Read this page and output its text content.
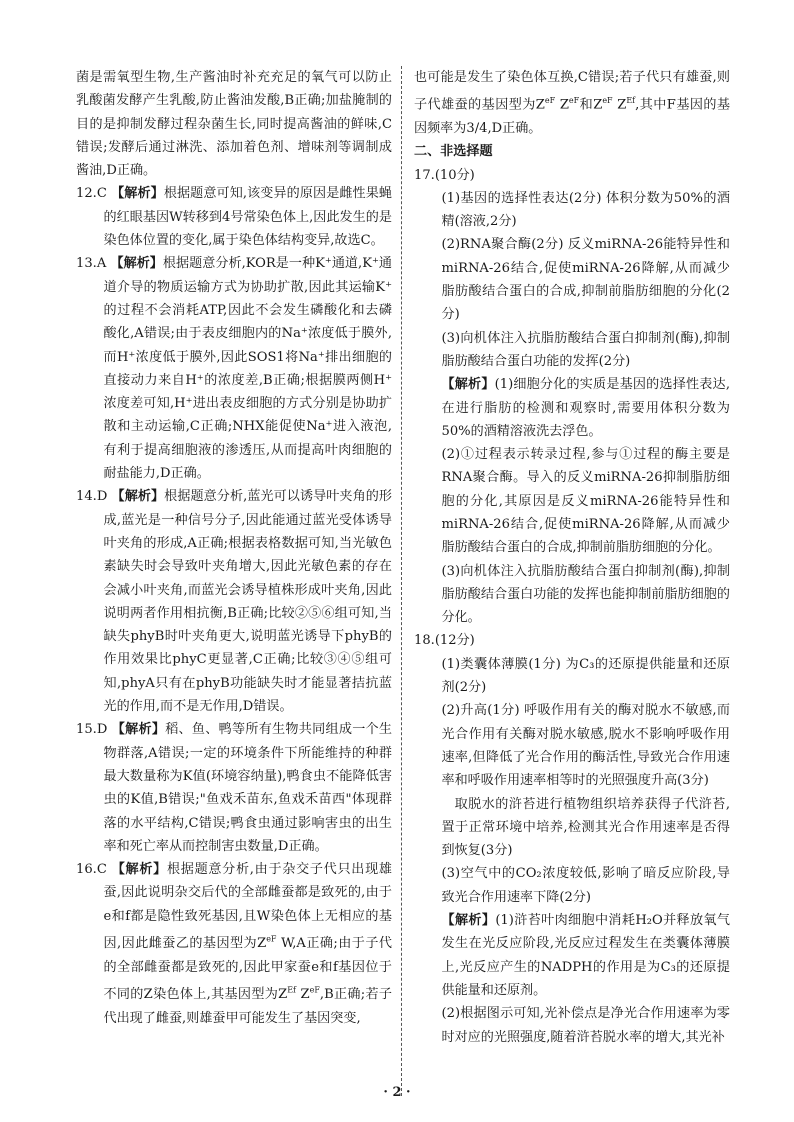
菌是需氧型生物,生产酱油时补充充足的氧气可以防止乳酸菌发酵产生乳酸,防止酱油发酸,B正确;加盐腌制的目的是抑制发酵过程杂菌生长,同时提高酱油的鲜味,C错误;发酵后通过淋洗、添加着色剂、增味剂等调制成酱油,D正确。

12.C 【解析】根据题意可知,该变异的原因是雌性果蝇的红眼基因W转移到4号常染色体上,因此发生的是染色体位置的变化,属于染色体结构变异,故选C。

13.A 【解析】根据题意分析,KOR是一种K⁺通道,K⁺通道介导的物质运输方式为协助扩散,因此其运输K⁺的过程不会消耗ATP,因此不会发生磷酸化和去磷酸化,A错误;由于表皮细胞内的Na⁺浓度低于膜外,而H⁺浓度低于膜外,因此SOS1将Na⁺排出细胞的直接动力来自H⁺的浓度差,B正确;根据膜两侧H⁺浓度差可知,H⁺进出表皮细胞的方式分别是协助扩散和主动运输,C正确;NHX能促使Na⁺进入液泡,有利于提高细胞液的渗透压,从而提高叶肉细胞的耐盐能力,D正确。

14.D 【解析】根据题意分析,蓝光可以诱导叶夹角的形成,蓝光是一种信号分子,因此能通过蓝光受体诱导叶夹角的形成,A正确;根据表格数据可知,当光敏色素缺失时会导致叶夹角增大,因此光敏色素的存在会减小叶夹角,而蓝光会诱导植株形成叶夹角,因此说明两者作用相抗衡,B正确;比较②⑤⑥组可知,当缺失phyB时叶夹角更大,说明蓝光诱导下phyB的作用效果比phyC更显著,C正确;比较③④⑤组可知,phyA只有在phyB功能缺失时才能显著拮抗蓝光的作用,而不是无作用,D错误。

15.D 【解析】稻、鱼、鸭等所有生物共同组成一个生物群落,A错误;一定的环境条件下所能维持的种群最大数量称为K值(环境容纳量),鸭食虫不能降低害虫的K值,B错误;"鱼戏禾苗东,鱼戏禾苗西"体现群落的水平结构,C错误;鸭食虫通过影响害虫的出生率和死亡率从而控制害虫数量,D正确。

16.C 【解析】根据题意分析,由于杂交子代只出现雄蚕,因此说明杂交后代的全部雌蚕都是致死的,由于e和f都是隐性致死基因,且W染色体上无相应的基因,因此雌蚕乙的基因型为$Z^{eF}$ W,A正确;由于子代的全部雌蚕都是致死的,因此甲家蚕e和f基因位于不同的Z染色体上,其基因型为$Z^{Ef}$ $Z^{eF},B$正确;若子代出现了雌蚕,则雄蚕甲可能发生了基因突变,

也可能是发生了染色体互换,C错误;若子代只有雄蚕,则子代雄蚕的基因型为$Z^{eF}$ $Z^{eF}$和$Z^{eF}$ $Z^{Ef}$,其中F基因的基因频率为3/4,D正确。

二、非选择题

17.(10分)

(1)基因的选择性表达(2分) 体积分数为50%的酒精(溶液,2分)

(2)RNA聚合酶(2分) 反义miRNA-26能特异性和miRNA-26结合,促使miRNA-26降解,从而减少脂肪酸结合蛋白的合成,抑制前脂肪细胞的分化(2分)

(3)向机体注入抗脂肪酸结合蛋白抑制剂(酶),抑制脂肪酸结合蛋白功能的发挥(2分)

【解析】(1)细胞分化的实质是基因的选择性表达,在进行脂肪的检测和观察时,需要用体积分数为50%的酒精溶液洗去浮色。

(2)①过程表示转录过程,参与①过程的酶主要是RNA聚合酶。导入的反义miRNA-26抑制脂肪细胞的分化,其原因是反义miRNA-26能特异性和miRNA-26结合,促使miRNA-26降解,从而减少脂肪酸结合蛋白的合成,抑制前脂肪细胞的分化。

(3)向机体注入抗脂肪酸结合蛋白抑制剂(酶),抑制脂肪酸结合蛋白功能的发挥也能抑制前脂肪细胞的分化。

18.(12分)

(1)类囊体薄膜(1分) 为C₃的还原提供能量和还原剂(2分)

(2)升高(1分) 呼吸作用有关的酶对脱水不敏感,而光合作用有关酶对脱水敏感,脱水不影响呼吸作用速率,但降低了光合作用的酶活性,导致光合作用速率和呼吸作用速率相等时的光照强度升高(3分)

取脱水的浒苔进行植物组织培养获得子代浒苔,置于正常环境中培养,检测其光合作用速率是否得到恢复(3分)

(3)空气中的CO₂浓度较低,影响了暗反应阶段,导致光合作用速率下降(2分)

【解析】(1)浒苔叶肉细胞中消耗H₂O并释放氧气发生在光反应阶段,光反应过程发生在类囊体薄膜上,光反应产生的NADPH的作用是为C₃的还原提供能量和还原剂。

(2)根据图示可知,光补偿点是净光合作用速率为零时对应的光照强度,随着浒苔脱水率的增大,其光补

· 2 ·
